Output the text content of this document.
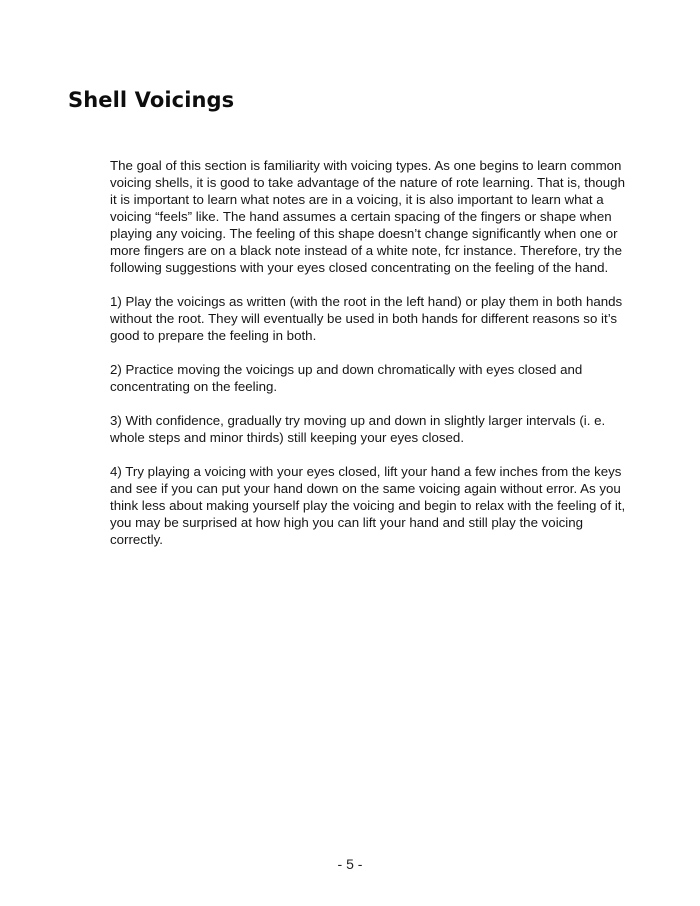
Shell Voicings

The goal of this section is familiarity with voicing types. As one begins to learn common voicing shells, it is good to take advantage of the nature of rote learning. That is, though it is important to learn what notes are in a voicing, it is also important to learn what a voicing “feels” like. The hand assumes a certain spacing of the fingers or shape when playing any voicing. The feeling of this shape doesn’t change significantly when one or more fingers are on a black note instead of a white note, fcr instance. Therefore, try the following suggestions with your eyes closed concentrating on the feeling of the hand.

1) Play the voicings as written (with the root in the left hand) or play them in both hands without the root. They will eventually be used in both hands for different reasons so it’s good to prepare the feeling in both.

2) Practice moving the voicings up and down chromatically with eyes closed and concentrating on the feeling.

3) With confidence, gradually try moving up and down in slightly larger intervals (i. e. whole steps and minor thirds) still keeping your eyes closed.

4) Try playing a voicing with your eyes closed, lift your hand a few inches from the keys and see if you can put your hand down on the same voicing again without error. As you think less about making yourself play the voicing and begin to relax with the feeling of it, you may be surprised at how high you can lift your hand and still play the voicing correctly.

- 5 -
